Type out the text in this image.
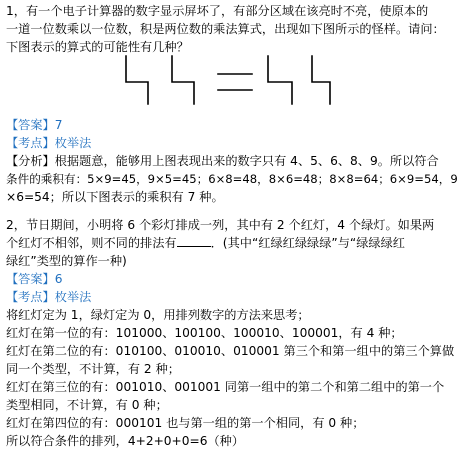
1，有一个电子计算器的数字显示屏坏了，有部分区域在该亮时不亮，使原本的
一道一位数乘以一位数，积是两位数的乘法算式，出现如下图所示的怪样。请问：
下图表示的算式的可能性有几种？
【答案】7
【考点】枚举法
【分析】根据题意，能够用上图表现出来的数字只有 4、5、6、8、9。所以符合
条件的乘积有：5×9=45，9×5=45；6×8=48，8×6=48；8×8=64；6×9=54，9
×6=54；所以下图表示的乘积有 7 种。
2，节日期间，小明将 6 个彩灯排成一列，其中有 2 个红灯，4 个绿灯。如果两
个红灯不相邻，则不同的排法有	．(其中“红绿红绿绿绿”与“绿绿绿红
绿红”类型的算作一种)
【答案】6
【考点】枚举法
将红灯定为 1，绿灯定为 0，用排列数字的方法来思考；
红灯在第一位的有：101000、100100、100010、100001，有 4 种；
红灯在第二位的有：010100、010010、010001 第三个和第一组中的第三个算做
同一个类型，不计算，有 2 种；
红灯在第三位的有：001010、001001 同第一组中的第二个和第二组中的第一个
类型相同，不计算，有 0 种；
红灯在第四位的有：000101 也与第一组的第一个相同，有 0 种；
所以符合条件的排列，4+2+0+0=6（种）
